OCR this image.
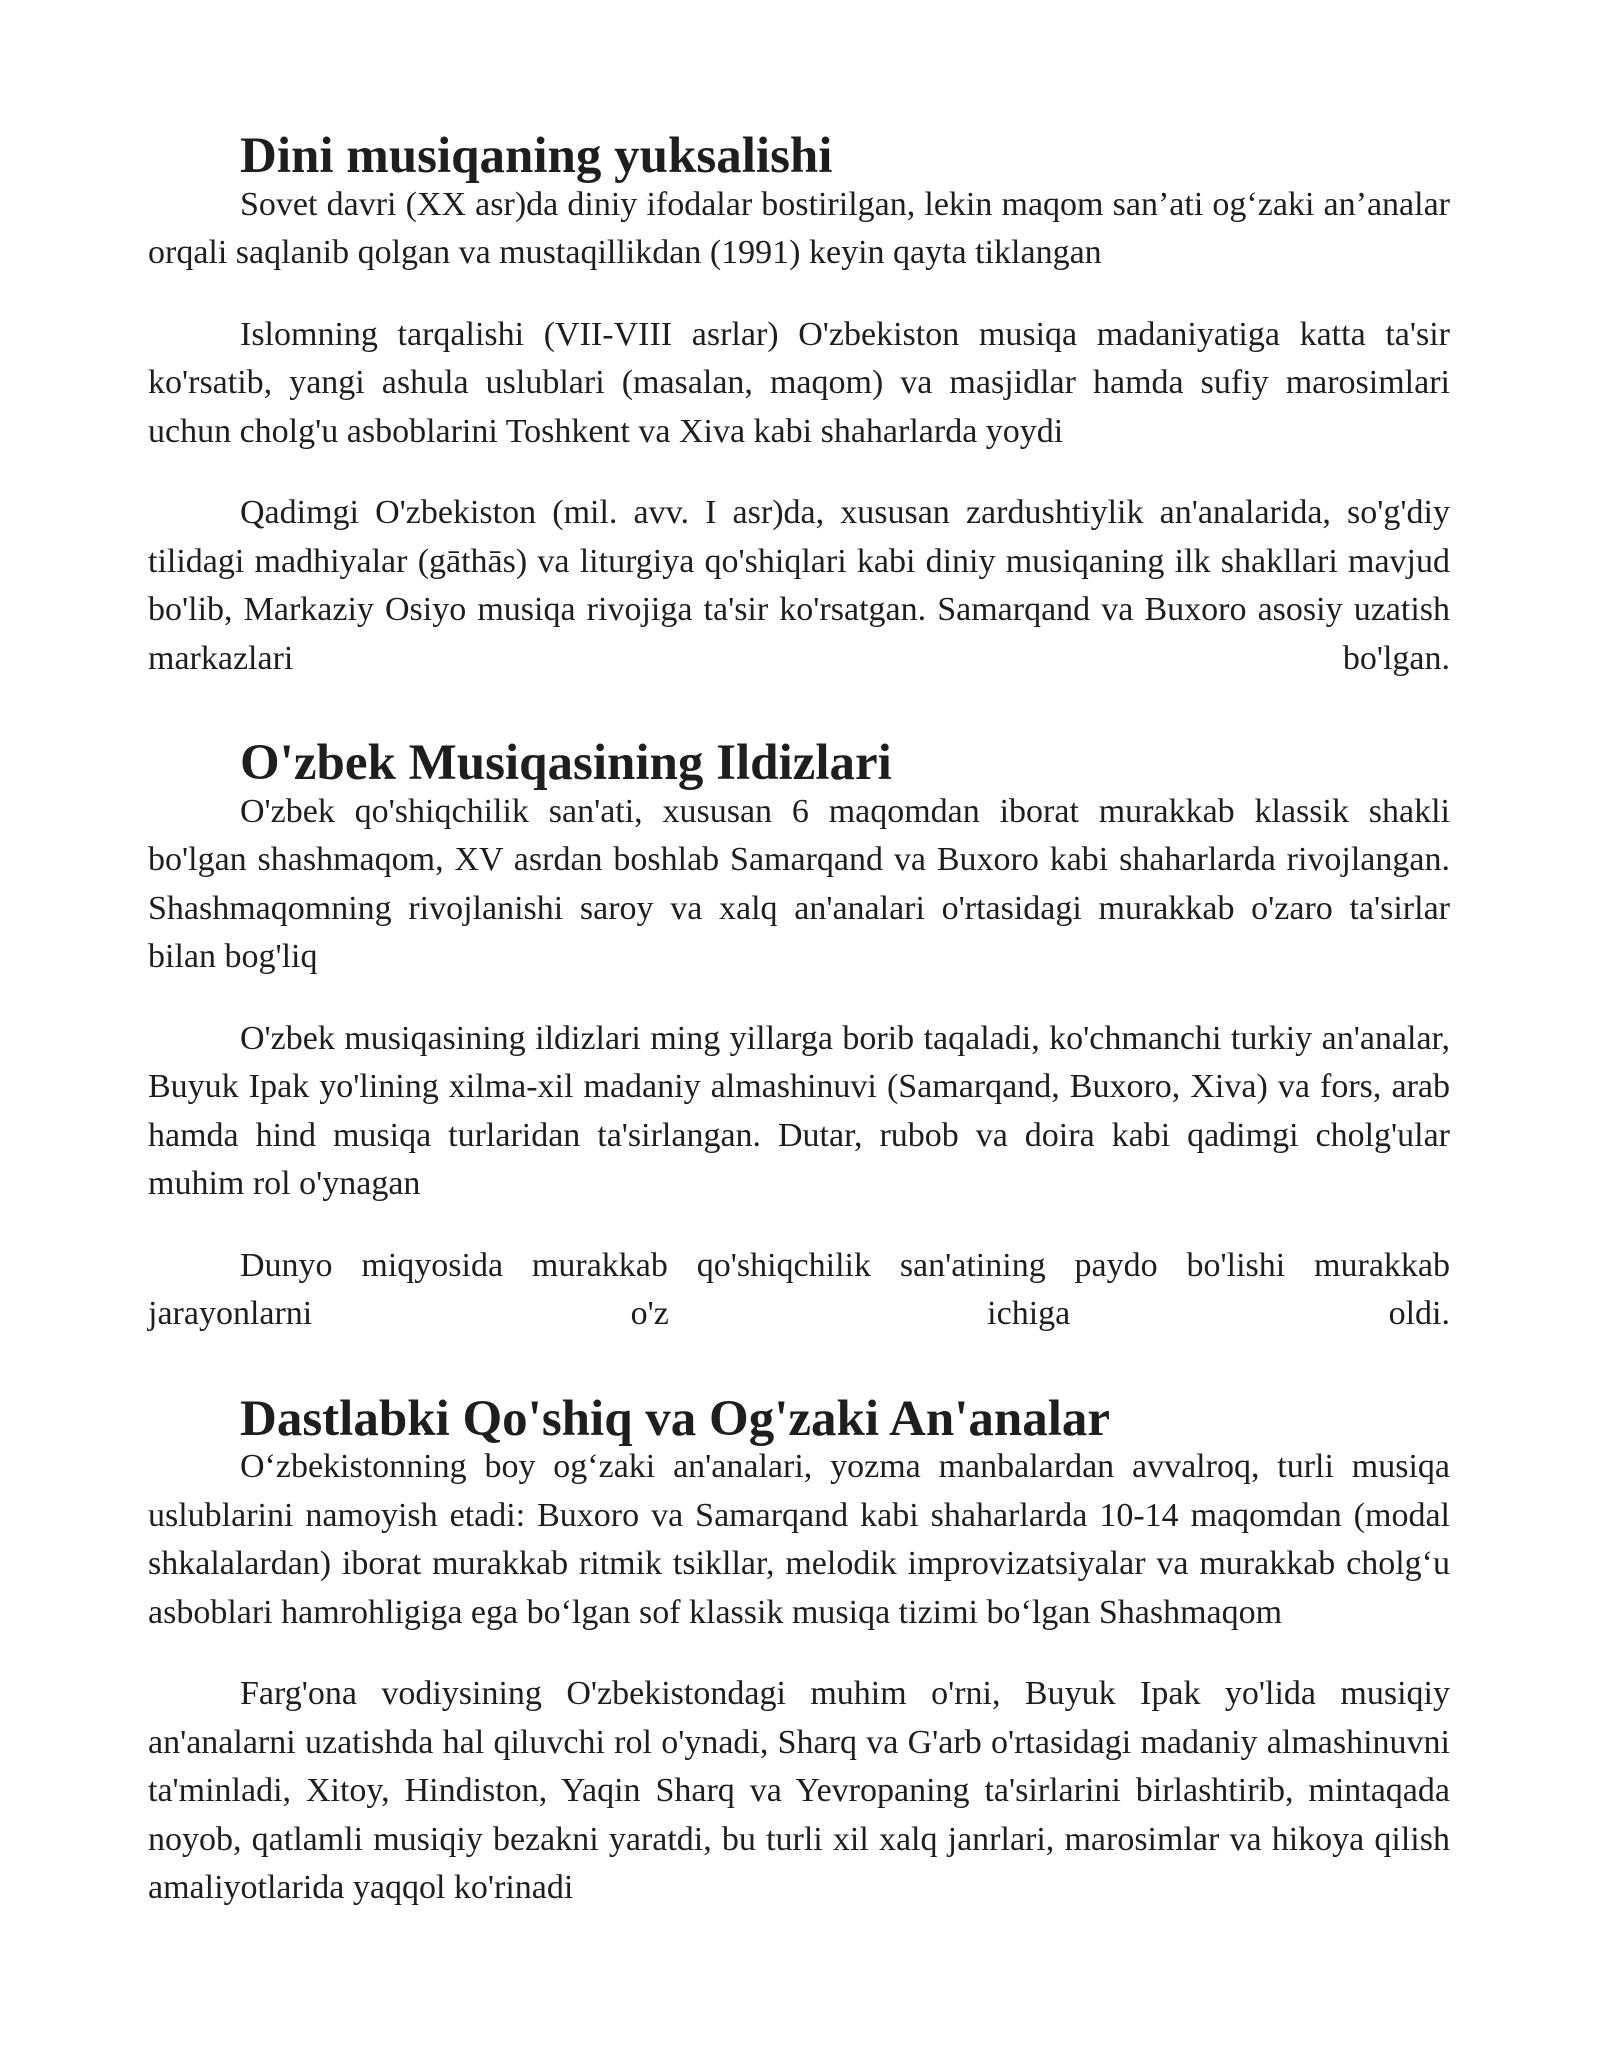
Dini musiqaning yuksalishi

Sovet davri (XX asr)da diniy ifodalar bostirilgan, lekin maqom san’ati og‘zaki an’analar orqali saqlanib qolgan va mustaqillikdan (1991) keyin qayta tiklangan

Islomning tarqalishi (VII-VIII asrlar) O'zbekiston musiqa madaniyatiga katta ta'sir ko'rsatib, yangi ashula uslublari (masalan, maqom) va masjidlar hamda sufiy marosimlari uchun cholg'u asboblarini Toshkent va Xiva kabi shaharlarda yoydi

Qadimgi O'zbekiston (mil. avv. I asr)da, xususan zardushtiylik an'analarida, so'g'diy tilidagi madhiyalar (gāthās) va liturgiya qo'shiqlari kabi diniy musiqaning ilk shakllari mavjud bo'lib, Markaziy Osiyo musiqa rivojiga ta'sir ko'rsatgan. Samarqand va Buxoro asosiy uzatish markazlari bo'lgan.

O'zbek Musiqasining Ildizlari

O'zbek qo'shiqchilik san'ati, xususan 6 maqomdan iborat murakkab klassik shakli bo'lgan shashmaqom, XV asrdan boshlab Samarqand va Buxoro kabi shaharlarda rivojlangan. Shashmaqomning rivojlanishi saroy va xalq an'analari o'rtasidagi murakkab o'zaro ta'sirlar bilan bog'liq

O'zbek musiqasining ildizlari ming yillarga borib taqaladi, ko'chmanchi turkiy an'analar, Buyuk Ipak yo'lining xilma-xil madaniy almashinuvi (Samarqand, Buxoro, Xiva) va fors, arab hamda hind musiqa turlaridan ta'sirlangan. Dutar, rubob va doira kabi qadimgi cholg'ular muhim rol o'ynagan

Dunyo miqyosida murakkab qo'shiqchilik san'atining paydo bo'lishi murakkab jarayonlarni o'z ichiga oldi.

Dastlabki Qo'shiq va Og'zaki An'analar

O‘zbekistonning boy og‘zaki an'analari, yozma manbalardan avvalroq, turli musiqa uslublarini namoyish etadi: Buxoro va Samarqand kabi shaharlarda 10-14 maqomdan (modal shkalalardan) iborat murakkab ritmik tsikllar, melodik improvizatsiyalar va murakkab cholg‘u asboblari hamrohligiga ega bo‘lgan sof klassik musiqa tizimi bo‘lgan Shashmaqom

Farg'ona vodiysining O'zbekistondagi muhim o'rni, Buyuk Ipak yo'lida musiqiy an'analarni uzatishda hal qiluvchi rol o'ynadi, Sharq va G'arb o'rtasidagi madaniy almashinuvni ta'minladi, Xitoy, Hindiston, Yaqin Sharq va Yevropaning ta'sirlarini birlashtirib, mintaqada noyob, qatlamli musiqiy bezakni yaratdi, bu turli xil xalq janrlari, marosimlar va hikoya qilish amaliyotlarida yaqqol ko'rinadi
